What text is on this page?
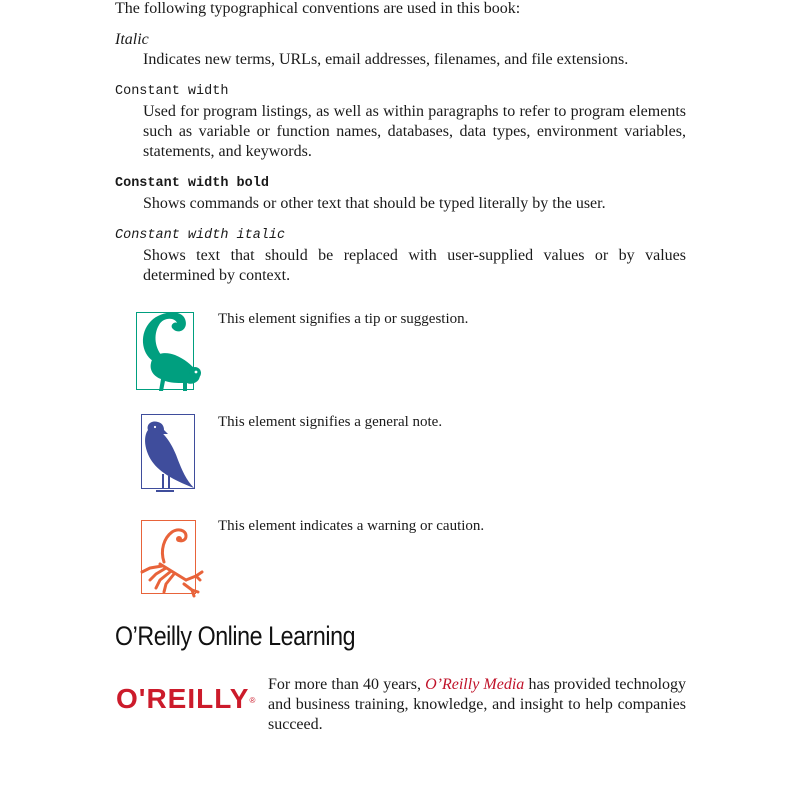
The following typographical conventions are used in this book:
Italic
Indicates new terms, URLs, email addresses, filenames, and file extensions.
Constant width
Used for program listings, as well as within paragraphs to refer to program elements such as variable or function names, databases, data types, environment variables, statements, and keywords.
Constant width bold
Shows commands or other text that should be typed literally by the user.
Constant width italic
Shows text that should be replaced with user-supplied values or by values determined by context.
This element signifies a tip or suggestion.
This element signifies a general note.
This element indicates a warning or caution.
O’Reilly Online Learning
O'REILLY®
For more than 40 years, O’Reilly Media has provided technology and business training, knowledge, and insight to help companies succeed.
